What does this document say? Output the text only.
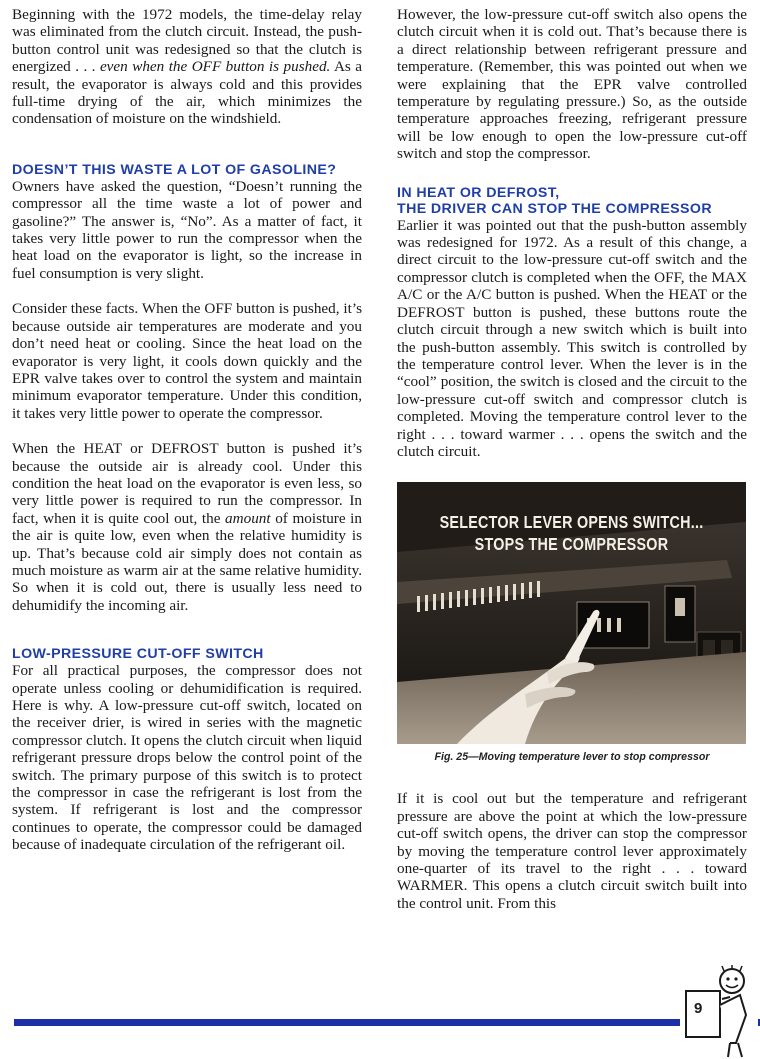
Beginning with the 1972 models, the time-delay relay was eliminated from the clutch circuit. Instead, the push-button control unit was redesigned so that the clutch is energized . . . even when the OFF button is pushed. As a result, the evaporator is always cold and this provides full-time drying of the air, which minimizes the condensation of moisture on the windshield.

DOESN’T THIS WASTE A LOT OF GASOLINE?

Owners have asked the question, “Doesn’t running the compressor all the time waste a lot of power and gasoline?” The answer is, “No”. As a matter of fact, it takes very little power to run the compressor when the heat load on the evaporator is light, so the increase in fuel consumption is very slight.

Consider these facts. When the OFF button is pushed, it’s because outside air temperatures are moderate and you don’t need heat or cooling. Since the heat load on the evaporator is very light, it cools down quickly and the EPR valve takes over to control the system and maintain minimum evaporator temperature. Under this condition, it takes very little power to operate the compressor.

When the HEAT or DEFROST button is pushed it’s because the outside air is already cool. Under this condition the heat load on the evaporator is even less, so very little power is required to run the compressor. In fact, when it is quite cool out, the amount of moisture in the air is quite low, even when the relative humidity is up. That’s because cold air simply does not contain as much moisture as warm air at the same relative humidity. So when it is cold out, there is usually less need to dehumidify the incoming air.

LOW-PRESSURE CUT-OFF SWITCH

For all practical purposes, the compressor does not operate unless cooling or dehumidification is required. Here is why. A low-pressure cut-off switch, located on the receiver drier, is wired in series with the magnetic compressor clutch. It opens the clutch circuit when liquid refrigerant pressure drops below the control point of the switch. The primary purpose of this switch is to protect the compressor in case the refrigerant is lost from the system. If refrigerant is lost and the compressor continues to operate, the compressor could be damaged because of inadequate circulation of the refrigerant oil.

However, the low-pressure cut-off switch also opens the clutch circuit when it is cold out. That’s because there is a direct relationship between refrigerant pressure and temperature. (Remember, this was pointed out when we were explaining that the EPR valve controlled temperature by regulating pressure.) So, as the outside temperature approaches freezing, refrigerant pressure will be low enough to open the low-pressure cut-off switch and stop the compressor.

IN HEAT OR DEFROST,
THE DRIVER CAN STOP THE COMPRESSOR

Earlier it was pointed out that the push-button assembly was redesigned for 1972. As a result of this change, a direct circuit to the low-pressure cut-off switch and the compressor clutch is completed when the OFF, the MAX A/C or the A/C button is pushed. When the HEAT or the DEFROST button is pushed, these buttons route the clutch circuit through a new switch which is built into the push-button assembly. This switch is controlled by the temperature control lever. When the lever is in the “cool” position, the switch is closed and the circuit to the low-pressure cut-off switch and compressor clutch is completed. Moving the temperature control lever to the right . . . toward warmer . . . opens the switch and the clutch circuit.

SELECTOR LEVER OPENS SWITCH...
STOPS THE COMPRESSOR
Fig. 25—Moving temperature lever to stop compressor

If it is cool out but the temperature and refrigerant pressure are above the point at which the low-pressure cut-off switch opens, the driver can stop the compressor by moving the temperature control lever approximately one-quarter of its travel to the right . . . toward WARMER. This opens a clutch circuit switch built into the control unit. From this

9
